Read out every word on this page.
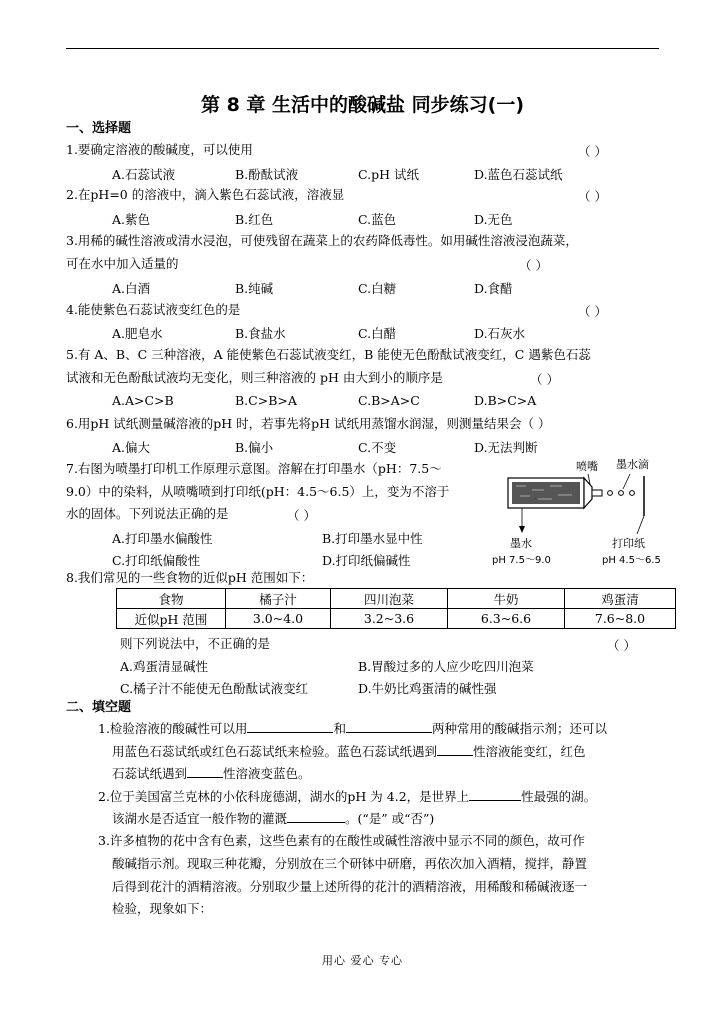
第 8 章 生活中的酸碱盐 同步练习(一)
一、选择题
1.要确定溶液的酸碱度，可以使用	（ ）
A.石蕊试液	B.酚酞试液	C.pH 试纸	D.蓝色石蕊试纸
2.在pH=0 的溶液中，滴入紫色石蕊试液，溶液显	（ ）
A.紫色	B.红色	C.蓝色	D.无色
3.用稀的碱性溶液或清水浸泡，可使残留在蔬菜上的农药降低毒性。如用碱性溶液浸泡蔬菜，
可在水中加入适量的	（ ）
A.白酒	B.纯碱	C.白糖	D.食醋
4.能使紫色石蕊试液变红色的是	（ ）
A.肥皂水	B.食盐水	C.白醋	D.石灰水
5.有 A、B、C 三种溶液，A 能使紫色石蕊试液变红，B 能使无色酚酞试液变红，C 遇紫色石蕊
试液和无色酚酞试液均无变化，则三种溶液的 pH 由大到小的顺序是	（ ）
A.A>C>B	B.C>B>A	C.B>A>C	D.B>C>A
6.用pH 试纸测量碱溶液的pH 时，若事先将pH 试纸用蒸馏水润湿，则测量结果会（ ）
A.偏大	B.偏小	C.不变	D.无法判断
7.右图为喷墨打印机工作原理示意图。溶解在打印墨水（pH：7.5～
9.0）中的染料，从喷嘴喷到打印纸(pH：4.5～6.5）上，变为不溶于
水的固体。下列说法正确的是	（ ）
A.打印墨水偏酸性	B.打印墨水显中性
C.打印纸偏酸性	D.打印纸偏碱性
喷嘴 墨水滴
墨水
pH 7.5～9.0
打印纸
pH 4.5～6.5
8.我们常见的一些食物的近似pH 范围如下：
食物	橘子汁	四川泡菜	牛奶	鸡蛋清
近似pH 范围	3.0~4.0	3.2~3.6	6.3~6.6	7.6~8.0
则下列说法中，不正确的是	（ ）
A.鸡蛋清显碱性	B.胃酸过多的人应少吃四川泡菜
C.橘子汁不能使无色酚酞试液变红	D.牛奶比鸡蛋清的碱性强
二、填空题
1.检验溶液的酸碱性可以用	和	两种常用的酸碱指示剂；还可以
用蓝色石蕊试纸或红色石蕊试纸来检验。蓝色石蕊试纸遇到	性溶液能变红，红色
石蕊试纸遇到	性溶液变蓝色。
2.位于美国富兰克林的小依科庞德湖，湖水的pH 为 4.2，是世界上	性最强的湖。
该湖水是否适宜一般作物的灌溉	。(“是” 或“否”)
3.许多植物的花中含有色素，这些色素有的在酸性或碱性溶液中显示不同的颜色，故可作
酸碱指示剂。现取三种花瓣，分别放在三个研钵中研磨，再依次加入酒精，搅拌，静置
后得到花汁的酒精溶液。分别取少量上述所得的花汁的酒精溶液，用稀酸和稀碱液逐一
检验，现象如下：
用心 爱心 专心
